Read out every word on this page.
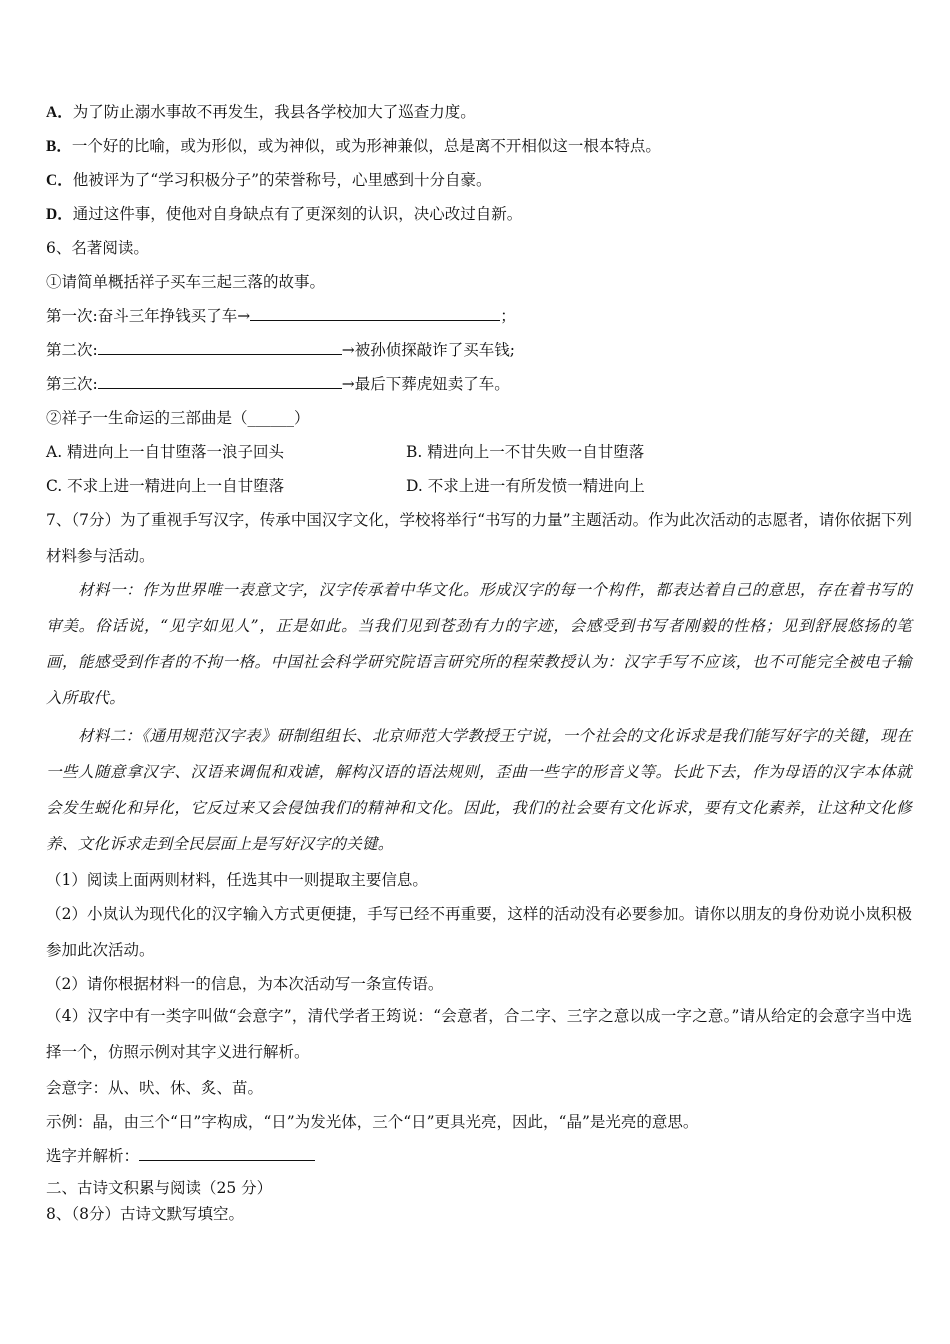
A．为了防止溺水事故不再发生，我县各学校加大了巡查力度。
B．一个好的比喻，或为形似，或为神似，或为形神兼似，总是离不开相似这一根本特点。
C．他被评为了“学习积极分子”的荣誉称号，心里感到十分自豪。
D．通过这件事，使他对自身缺点有了更深刻的认识，决心改过自新。
6、名著阅读。
①请简单概括祥子买车三起三落的故事。
第一次:奋斗三年挣钱买了车→	；
第二次:	→被孙侦探敲诈了买车钱;
第三次:	→最后下葬虎妞卖了车。
②祥子一生命运的三部曲是（______）
A. 精进向上一自甘堕落一浪子回头	B. 精进向上一不甘失败一自甘堕落
C. 不求上进一精进向上一自甘堕落	D. 不求上进一有所发愤一精进向上
7、（7分）为了重视手写汉字，传承中国汉字文化，学校将举行“书写的力量”主题活动。作为此次活动的志愿者，请你依据下列材料参与活动。
材料一：作为世界唯一表意文字，汉字传承着中华文化。形成汉字的每一个构件，都表达着自己的意思，存在着书写的审美。俗话说，“见字如见人”，正是如此。当我们见到苍劲有力的字迹，会感受到书写者刚毅的性格；见到舒展悠扬的笔画，能感受到作者的不拘一格。中国社会科学研究院语言研究所的程荣教授认为：汉字手写不应该，也不可能完全被电子输入所取代。
材料二：《通用规范汉字表》研制组组长、北京师范大学教授王宁说，一个社会的文化诉求是我们能写好字的关键，现在一些人随意拿汉字、汉语来调侃和戏谑，解构汉语的语法规则，歪曲一些字的形音义等。长此下去，作为母语的汉字本体就会发生蜕化和异化，它反过来又会侵蚀我们的精神和文化。因此，我们的社会要有文化诉求，要有文化素养，让这种文化修养、文化诉求走到全民层面上是写好汉字的关键。
（1）阅读上面两则材料，任选其中一则提取主要信息。
（2）小岚认为现代化的汉字输入方式更便捷，手写已经不再重要，这样的活动没有必要参加。请你以朋友的身份劝说小岚积极参加此次活动。
（2）请你根据材料一的信息，为本次活动写一条宣传语。
（4）汉字中有一类字叫做“会意字”，清代学者王筠说：“会意者，合二字、三字之意以成一字之意。”请从给定的会意字当中选择一个，仿照示例对其字义进行解析。
会意字：从、吠、休、炙、苗。
示例：晶，由三个“日”字构成，“日”为发光体，三个“日”更具光亮，因此，“晶”是光亮的意思。
选字并解析：
二、古诗文积累与阅读（25 分）
8、（8分）古诗文默写填空。
